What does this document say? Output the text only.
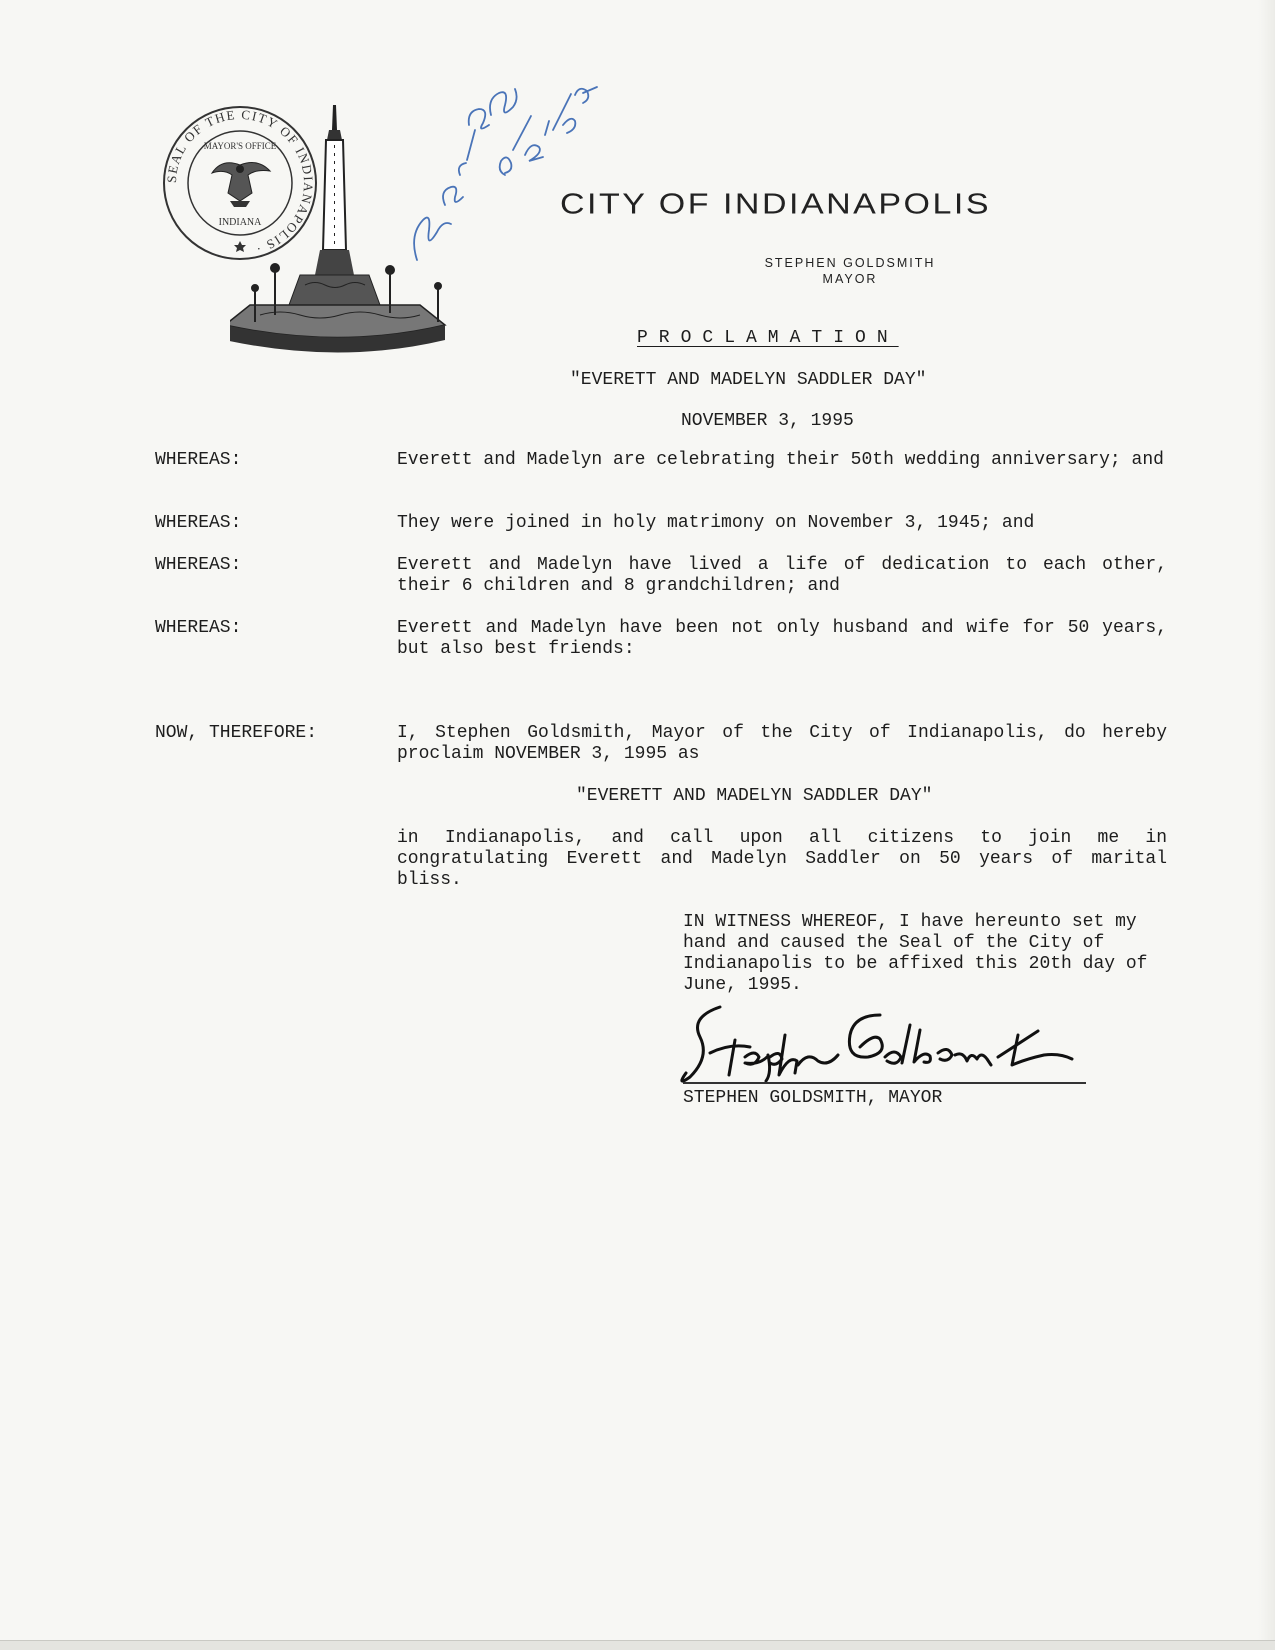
SEAL OF THE CITY OF INDIANAPOLIS ·
INDIANA
MAYOR'S OFFICE
CITY OF INDIANAPOLIS
STEPHEN GOLDSMITH
MAYOR
PROCLAMATION
"EVERETT AND MADELYN SADDLER DAY"
NOVEMBER 3, 1995
WHEREAS:	Everett and Madelyn are celebrating their 50th wedding anniversary; and
WHEREAS:	They were joined in holy matrimony on November 3, 1945; and
WHEREAS:	Everett and Madelyn have lived a life of dedication to each other, their 6 children and 8 grandchildren; and
WHEREAS:	Everett and Madelyn have been not only husband and wife for 50 years, but also best friends:
NOW, THEREFORE:	I, Stephen Goldsmith, Mayor of the City of Indianapolis, do hereby proclaim NOVEMBER 3, 1995 as
"EVERETT AND MADELYN SADDLER DAY"
in Indianapolis, and call upon all citizens to join me in congratulating Everett and Madelyn Saddler on 50 years of marital bliss.
IN WITNESS WHEREOF, I have hereunto set my hand and caused the Seal of the City of Indianapolis to be affixed this 20th day of June, 1995.
STEPHEN GOLDSMITH, MAYOR
